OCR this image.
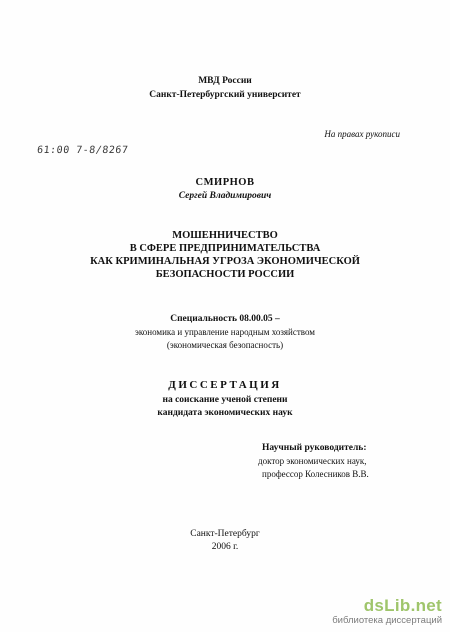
МВД России
Санкт-Петербургский университет
На правах рукописи
61:00 7-8/8267
СМИРНОВ
Сергей Владимирович
МОШЕННИЧЕСТВО
В СФЕРЕ ПРЕДПРИНИМАТЕЛЬСТВА
КАК КРИМИНАЛЬНАЯ УГРОЗА ЭКОНОМИЧЕСКОЙ
БЕЗОПАСНОСТИ РОССИИ
Специальность 08.00.05 –
экономика и управление народным хозяйством
(экономическая безопасность)
ДИССЕРТАЦИЯ
на соискание ученой степени
кандидата экономических наук
Научный руководитель:
доктор экономических наук,
профессор Колесников В.В.
Санкт-Петербург
2006 г.
dsLib.net
библиотека диссертаций
